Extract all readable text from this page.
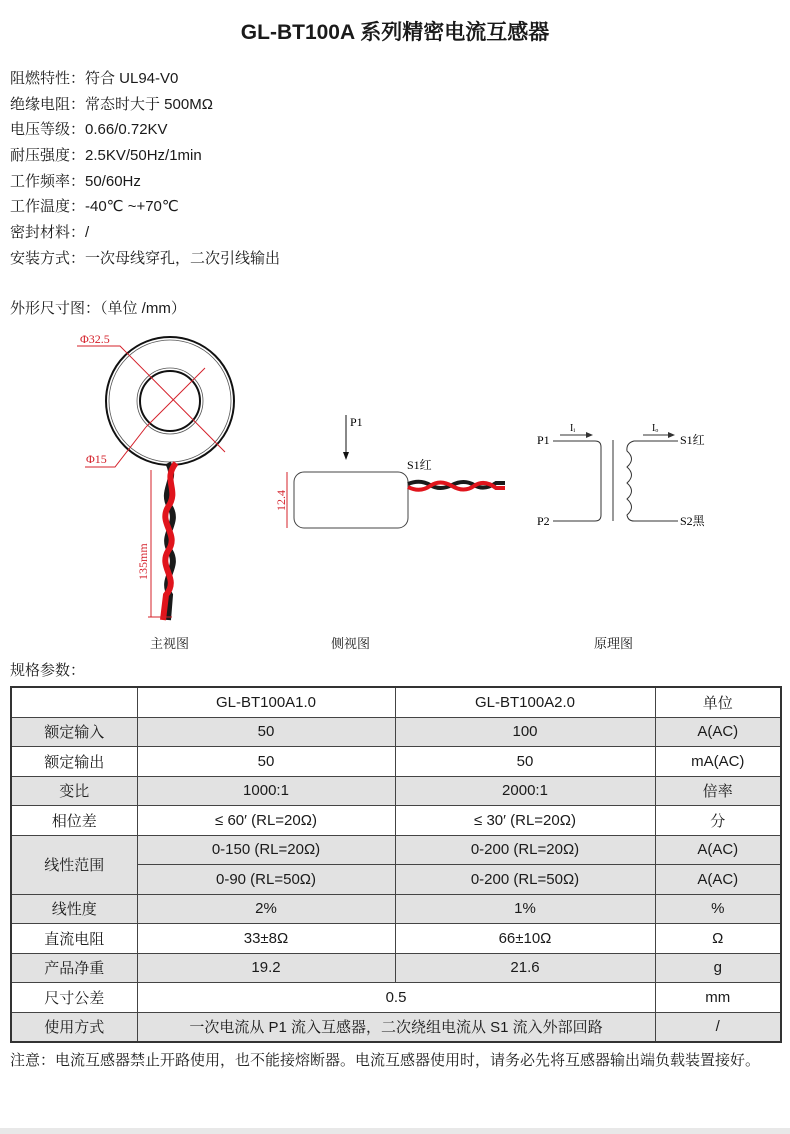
GL-BT100A 系列精密电流互感器
阻燃特性：符合 UL94-V0
绝缘电阻：常态时大于 500MΩ
电压等级：0.66/0.72KV
耐压强度：2.5KV/50Hz/1min
工作频率：50/60Hz
工作温度：-40℃ ~+70℃
密封材料：/
安装方式：一次母线穿孔，二次引线输出
外形尺寸图：（单位 /mm）
Φ32.5
Φ15
135mm
P1
12.4
S1红
P1
P2
Iᵢ	Iₒ
S1红
S2黑
主视图	侧视图	原理图
规格参数：
	GL-BT100A1.0	GL-BT100A2.0	单位
额定输入	50	100	A(AC)
额定输出	50	50	mA(AC)
变比	1000:1	2000:1	倍率
相位差	≤ 60′ (RL=20Ω)	≤ 30′ (RL=20Ω)	分
线性范围	0-150 (RL=20Ω)	0-200 (RL=20Ω)	A(AC)
	0-90 (RL=50Ω)	0-200 (RL=50Ω)	A(AC)
线性度	2%	1%	%
直流电阻	33±8Ω	66±10Ω	Ω
产品净重	19.2	21.6	g
尺寸公差	0.5		mm
使用方式	一次电流从 P1 流入互感器，二次绕组电流从 S1 流入外部回路		/
注意：电流互感器禁止开路使用，也不能接熔断器。电流互感器使用时，请务必先将互感器输出端负载装置接好。
